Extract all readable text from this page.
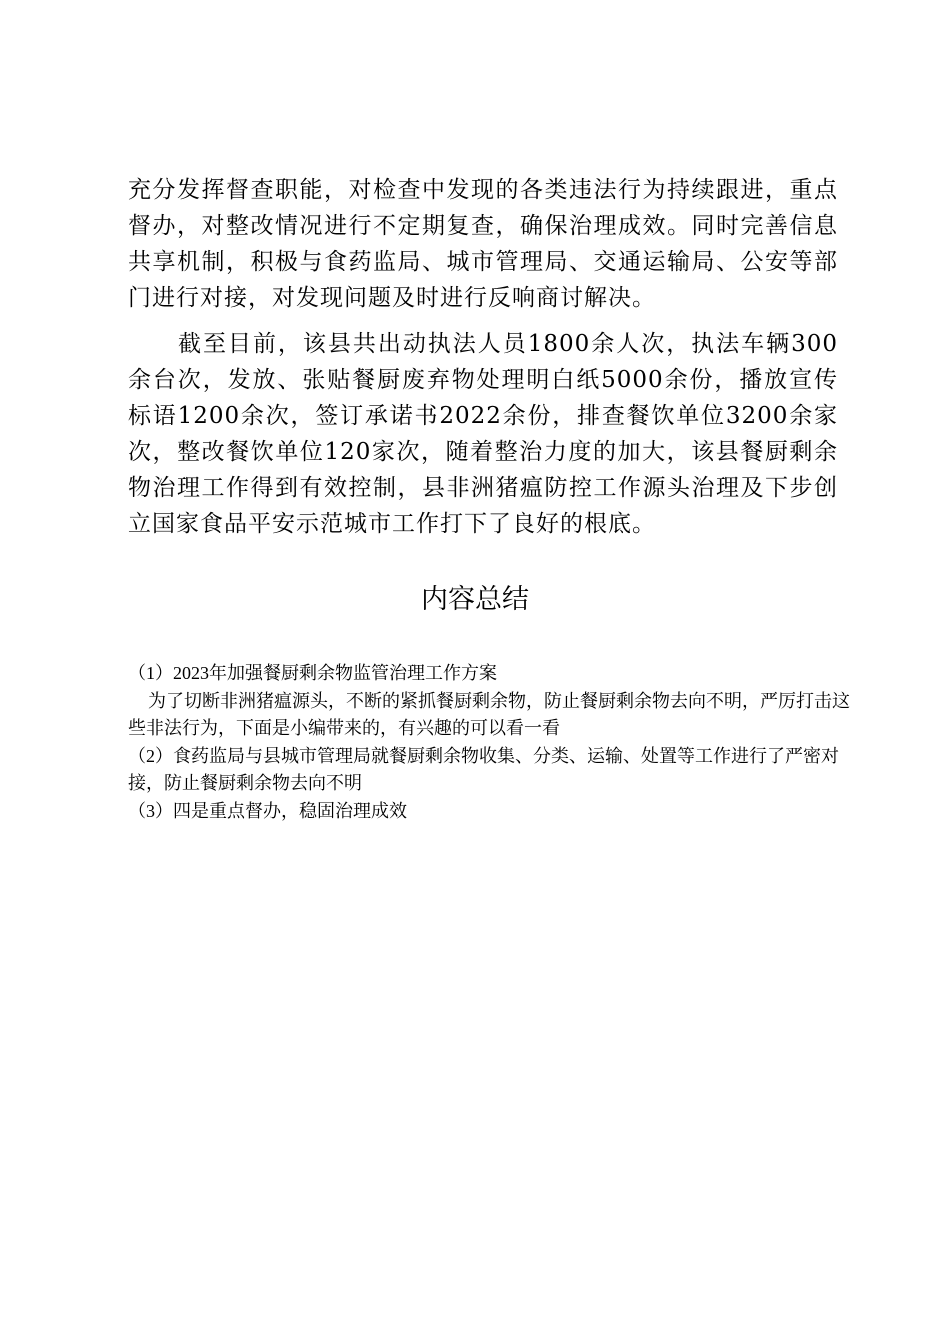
充分发挥督查职能，对检查中发现的各类违法行为持续跟进，重点督办，对整改情况进行不定期复查，确保治理成效。同时完善信息共享机制，积极与食药监局、城市管理局、交通运输局、公安等部门进行对接，对发现问题及时进行反响商讨解决。

截至目前，该县共出动执法人员1800余人次，执法车辆300余台次，发放、张贴餐厨废弃物处理明白纸5000余份，播放宣传标语1200余次，签订承诺书2022余份，排查餐饮单位3200余家次，整改餐饮单位120家次，随着整治力度的加大，该县餐厨剩余物治理工作得到有效控制，县非洲猪瘟防控工作源头治理及下步创立国家食品平安示范城市工作打下了良好的根底。

内容总结

（1）2023年加强餐厨剩余物监管治理工作方案

为了切断非洲猪瘟源头，不断的紧抓餐厨剩余物，防止餐厨剩余物去向不明，严厉打击这些非法行为，下面是小编带来的，有兴趣的可以看一看

（2）食药监局与县城市管理局就餐厨剩余物收集、分类、运输、处置等工作进行了严密对接，防止餐厨剩余物去向不明

（3）四是重点督办，稳固治理成效
